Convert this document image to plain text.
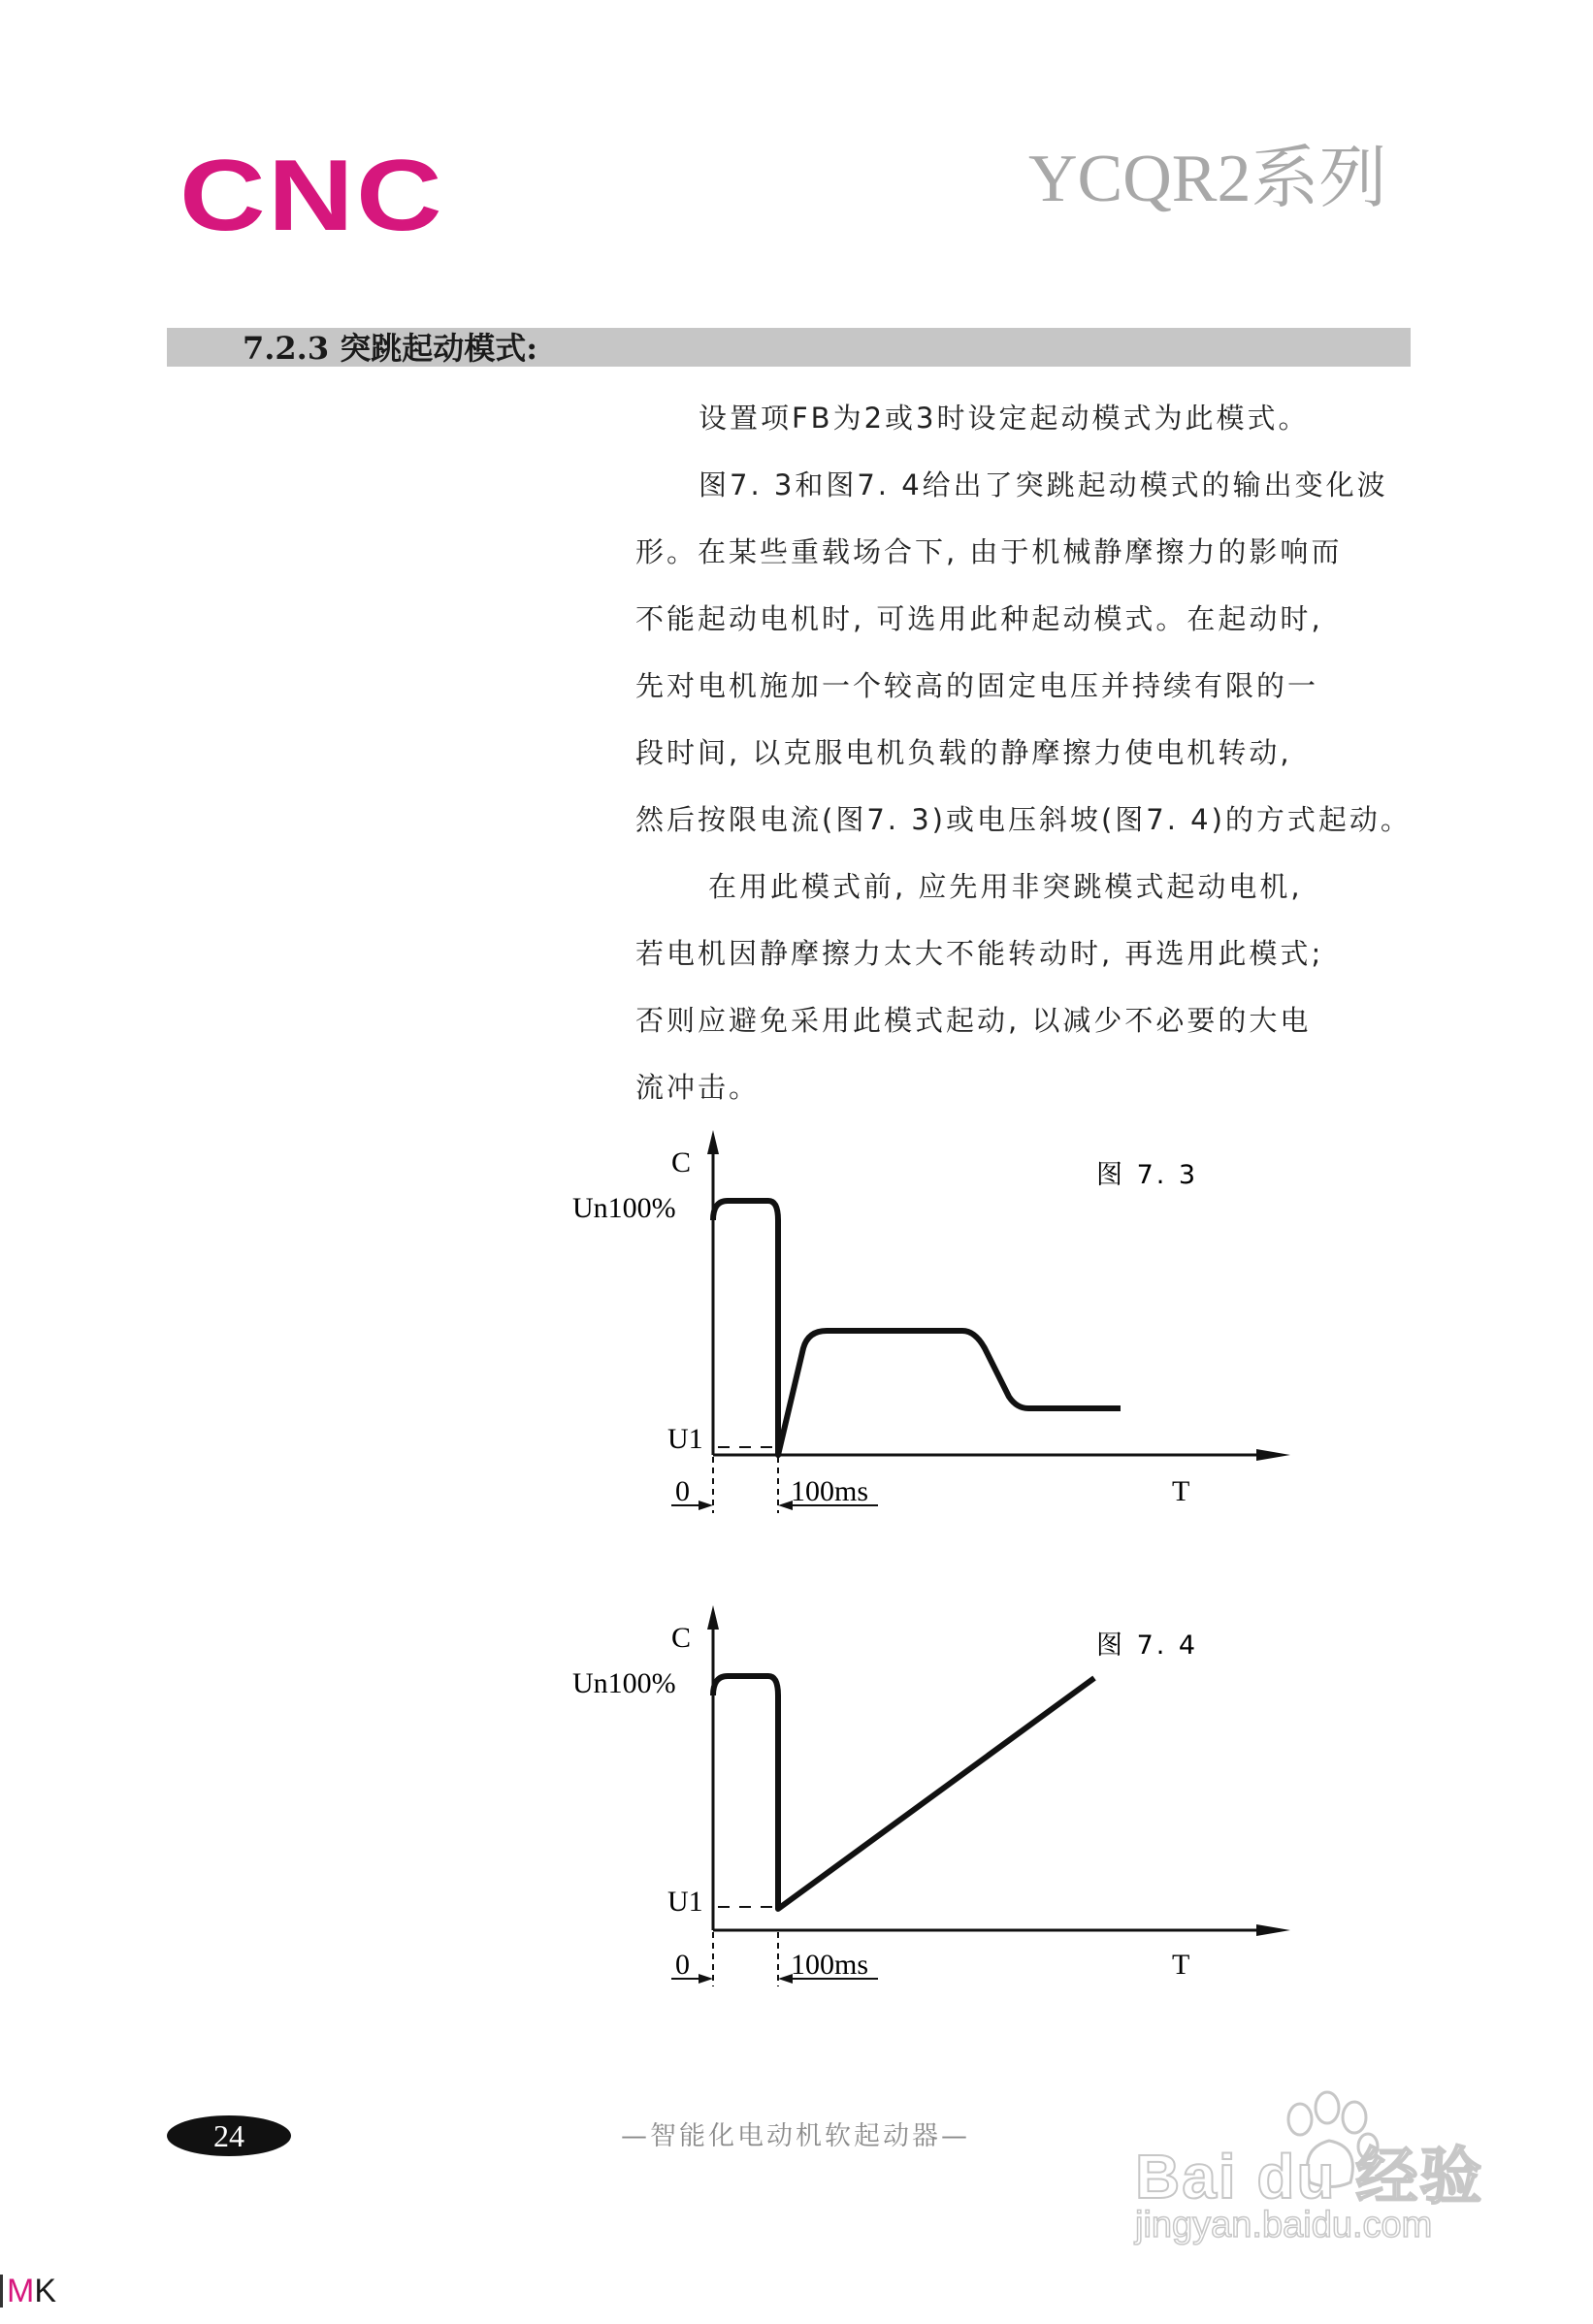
CNC	YCQR2系列
7.2.3 突跳起动模式:

设置项FB为2或3时设定起动模式为此模式。

图7. 3和图7. 4给出了突跳起动模式的输出变化波
形。在某些重载场合下, 由于机械静摩擦力的影响而
不能起动电机时, 可选用此种起动模式。在起动时,
先对电机施加一个较高的固定电压并持续有限的一
段时间, 以克服电机负载的静摩擦力使电机转动,
然后按限电流(图7. 3)或电压斜坡(图7. 4)的方式起动。

在用此模式前, 应先用非突跳模式起动电机,
若电机因静摩擦力太大不能转动时, 再选用此模式;
否则应避免采用此模式起动, 以减少不必要的大电
流冲击。

C
Un100%
U1
0	100ms	T
图 7. 3
C
Un100%
U1
0	100ms	T
图 7. 4
24	—智能化电动机软起动器—
Bai du 经验
jingyan.baidu.com
MK
